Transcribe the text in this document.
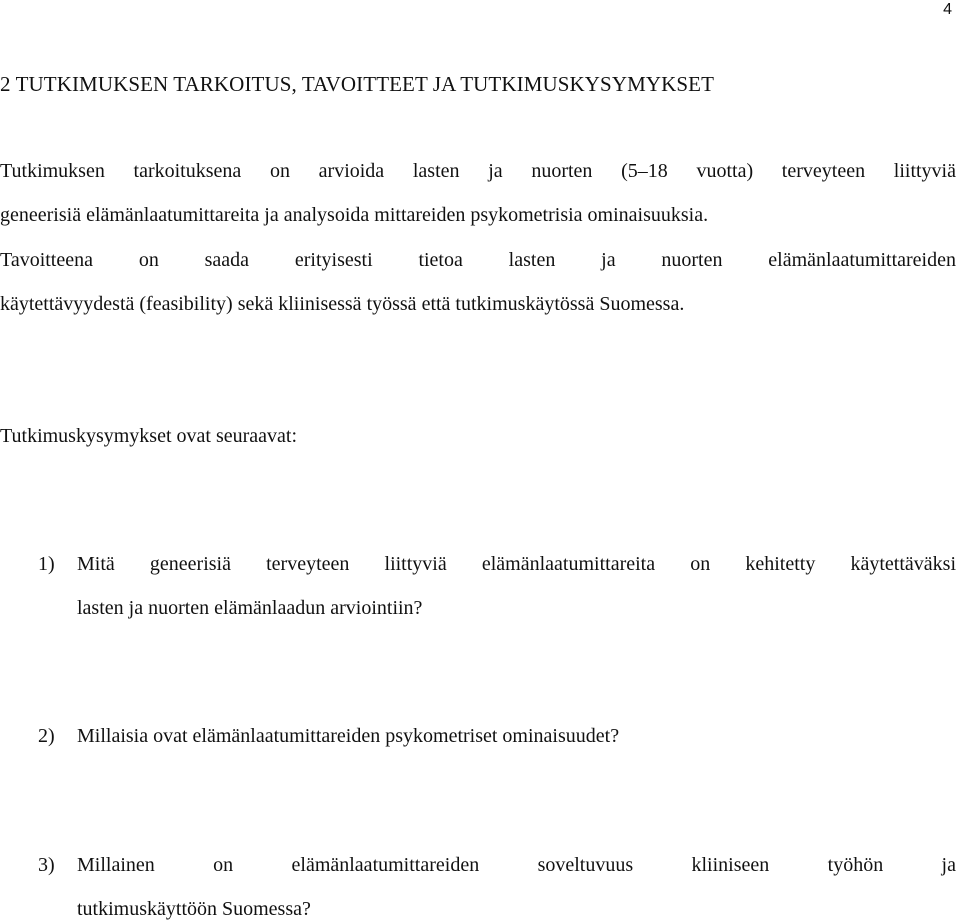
4
2 TUTKIMUKSEN TARKOITUS, TAVOITTEET JA TUTKIMUSKYSYMYKSET
Tutkimuksen tarkoituksena on arvioida lasten ja nuorten (5–18 vuotta) terveyteen liittyviä
geneerisiä elämänlaatumittareita ja analysoida mittareiden psykometrisia ominaisuuksia.
Tavoitteena on saada erityisesti tietoa lasten ja nuorten elämänlaatumittareiden
käytettävyydestä (feasibility) sekä kliinisessä työssä että tutkimuskäytössä Suomessa.
Tutkimuskysymykset ovat seuraavat:
1) Mitä geneerisiä terveyteen liittyviä elämänlaatumittareita on kehitetty käytettäväksi
lasten ja nuorten elämänlaadun arviointiin?
2) Millaisia ovat elämänlaatumittareiden psykometriset ominaisuudet?
3) Millainen on elämänlaatumittareiden soveltuvuus kliiniseen työhön ja
tutkimuskäyttöön Suomessa?
